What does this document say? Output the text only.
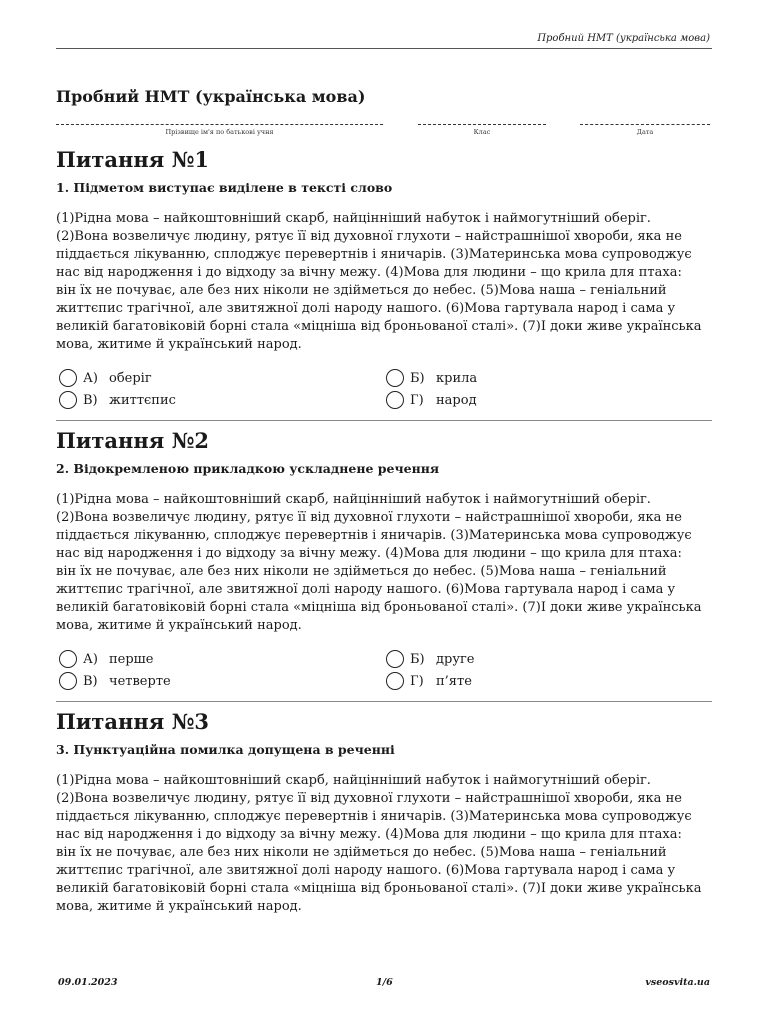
Пробний НМТ (українська мова)
Пробний НМТ (українська мова)
Прізвище ім'я по батькові учня	Клас	Дата
Питання №1
1. Підметом виступає виділене в тексті слово
(1)Рідна мова – найкоштовніший скарб, найцінніший набуток і наймогутніший оберіг. (2)Вона возвеличує людину, рятує її від духовної глухоти – найстрашнішої хвороби, яка не піддається лікуванню, сплоджує перевертнів і яничарів. (3)Материнська мова супроводжує нас від народження і до відходу за вічну межу. (4)Мова для людини – що крила для птаха: він їх не почуває, але без них ніколи не здійметься до небес. (5)Мова наша – геніальний життєпис трагічної, але звитяжної долі народу нашого. (6)Мова гартувала народ і сама у великій багатовіковій борні стала «міцніша від броньованої сталі». (7)І доки живе українська мова, житиме й український народ.
А) оберіг	Б) крила
В) життєпис	Г) народ
Питання №2
2. Відокремленою прикладкою ускладнене речення
(1)Рідна мова – найкоштовніший скарб, найцінніший набуток і наймогутніший оберіг. (2)Вона возвеличує людину, рятує її від духовної глухоти – найстрашнішої хвороби, яка не піддається лікуванню, сплоджує перевертнів і яничарів. (3)Материнська мова супроводжує нас від народження і до відходу за вічну межу. (4)Мова для людини – що крила для птаха: він їх не почуває, але без них ніколи не здійметься до небес. (5)Мова наша – геніальний життєпис трагічної, але звитяжної долі народу нашого. (6)Мова гартувала народ і сама у великій багатовіковій борні стала «міцніша від броньованої сталі». (7)І доки живе українська мова, житиме й український народ.
А) перше	Б) друге
В) четверте	Г) п’яте
Питання №3
3. Пунктуаційна помилка допущена в реченні
(1)Рідна мова – найкоштовніший скарб, найцінніший набуток і наймогутніший оберіг. (2)Вона возвеличує людину, рятує її від духовної глухоти – найстрашнішої хвороби, яка не піддається лікуванню, сплоджує перевертнів і яничарів. (3)Материнська мова супроводжує нас від народження і до відходу за вічну межу. (4)Мова для людини – що крила для птаха: він їх не почуває, але без них ніколи не здійметься до небес. (5)Мова наша – геніальний життєпис трагічної, але звитяжної долі народу нашого. (6)Мова гартувала народ і сама у великій багатовіковій борні стала «міцніша від броньованої сталі». (7)І доки живе українська мова, житиме й український народ.
09.01.2023	1/6	vseosvita.ua
